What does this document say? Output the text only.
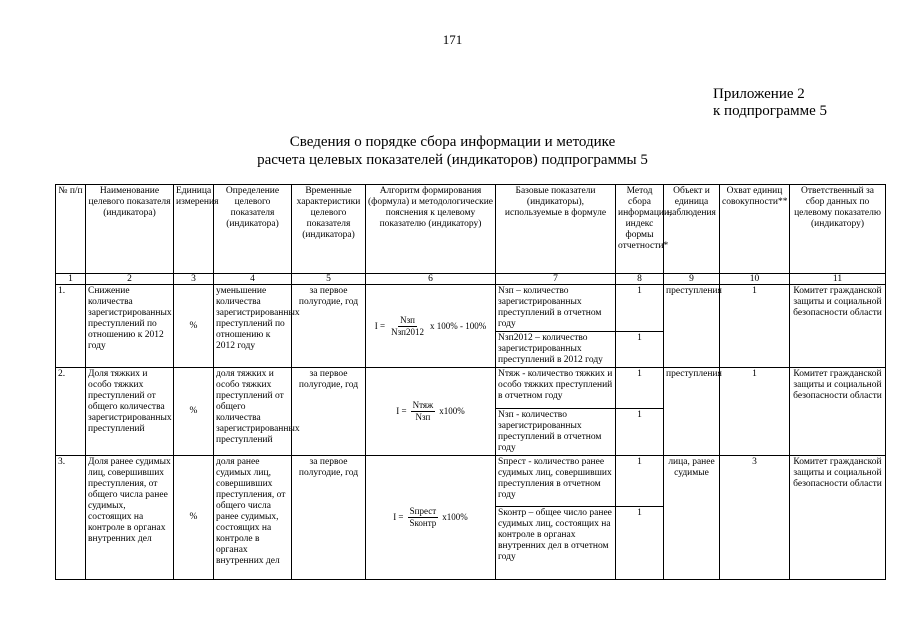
171
Приложение 2
к подпрограмме 5
Сведения о порядке сбора информации и методике
расчета целевых показателей (индикаторов) подпрограммы 5
№ п/п	Наименование целевого показателя (индикатора)	Единица измерения	Определение целевого показателя (индикатора)	Временные характеристики целевого показателя (индикатора)	Алгоритм формирования (формула) и методологические пояснения к целевому показателю (индикатору)	Базовые показатели (индикаторы), используемые в формуле	Метод сбора информации, индекс формы отчетности*	Объект и единица наблюдения	Охват единиц совокупности**	Ответственный за сбор данных по целевому показателю (индикатору)
1	2	3	4	5	6	7	8	9	10	11
1.	Снижение количества зарегистрированных преступлений по отношению к 2012 году	%	уменьшение количества зарегистрированных преступлений по отношению к 2012 году	за первое полугодие, год	$I = \frac{\text{Nзп}}{\text{Nзп2012}}$ x 100% - 100%	Nзп – количество зарегистрированных преступлений в отчетном году	1	преступления	1	Комитет гражданской защиты и социальной безопасности области
						Nзп2012 – количество зарегистрированных преступлений в 2012 году	1			
2.	Доля тяжких и особо тяжких преступлений от общего количества зарегистрированных преступлений	%	доля тяжких и особо тяжких преступлений от общего количества зарегистрированных преступлений	за первое полугодие, год	$I = \frac{\text{Nтяж}}{\text{Nзп}} x100\%$	Nтяж - количество тяжких и особо тяжких преступлений в отчетном году	1	преступления	1	Комитет гражданской защиты и социальной безопасности области
						Nзп - количество зарегистрированных преступлений в отчетном году	1			
3.	Доля ранее судимых лиц, совершивших преступления, от общего числа ранее судимых, состоящих на контроле в органах внутренних дел	%	доля ранее судимых лиц, совершивших преступления, от общего числа ранее судимых, состоящих на контроле в органах внутренних дел	за первое полугодие, год	$I = \frac{\text{Sпрест}}{\text{Sконтр}} x100\%$	Sпрест - количество ранее судимых лиц, совершивших преступления в отчетном году	1	лица, ранее судимые	3	Комитет гражданской защиты и социальной безопасности области
						Sконтр – общее число ранее судимых лиц, состоящих на контроле в органах внутренних дел в отчетном году	1			
